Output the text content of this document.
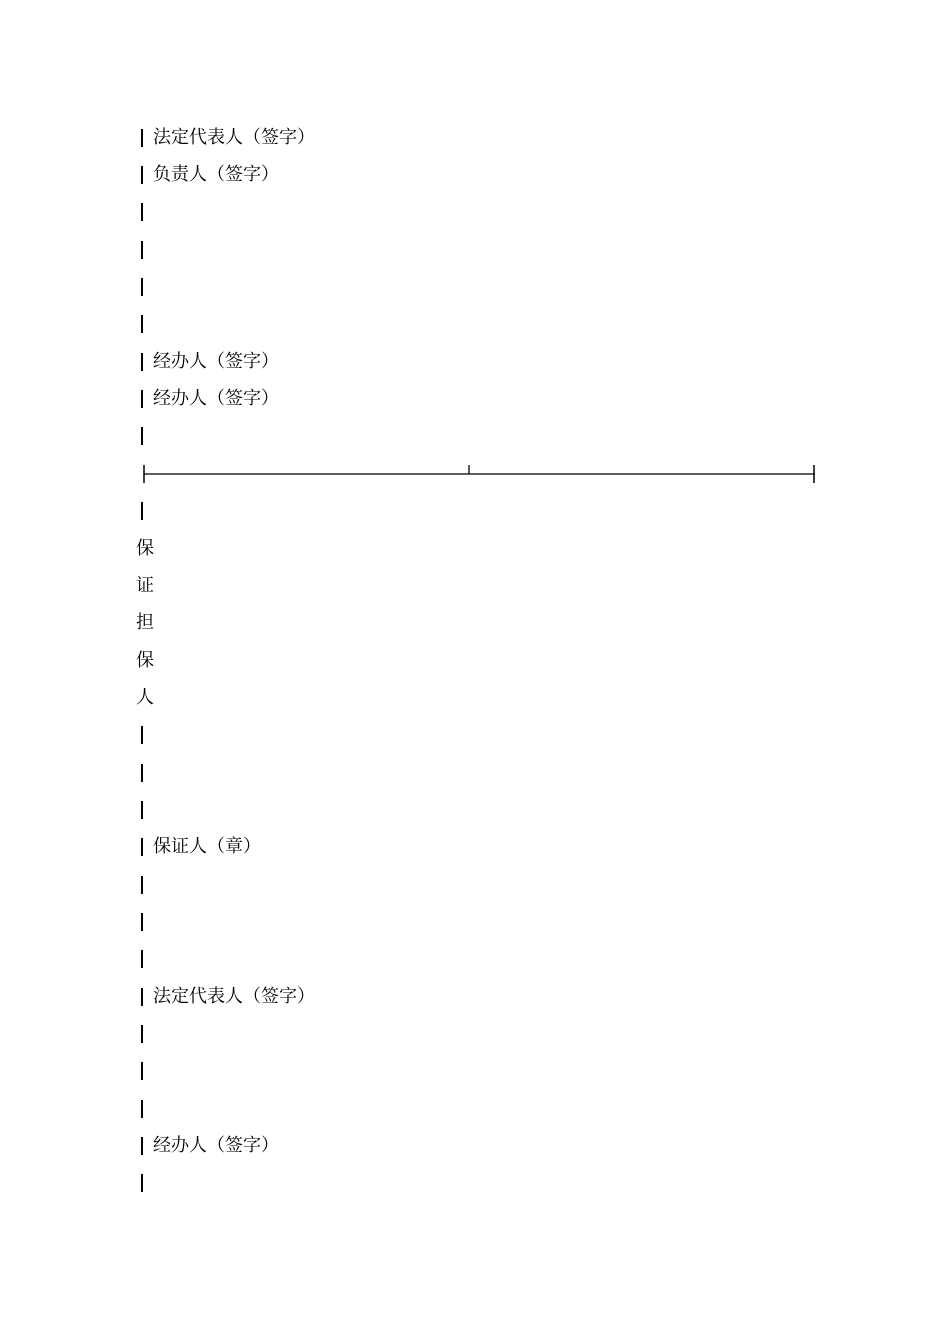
法定代表人（签字）
负责人（签字）
经办人（签字）
经办人（签字）
保
证
担
保
人
保证人（章）
法定代表人（签字）
经办人（签字）
